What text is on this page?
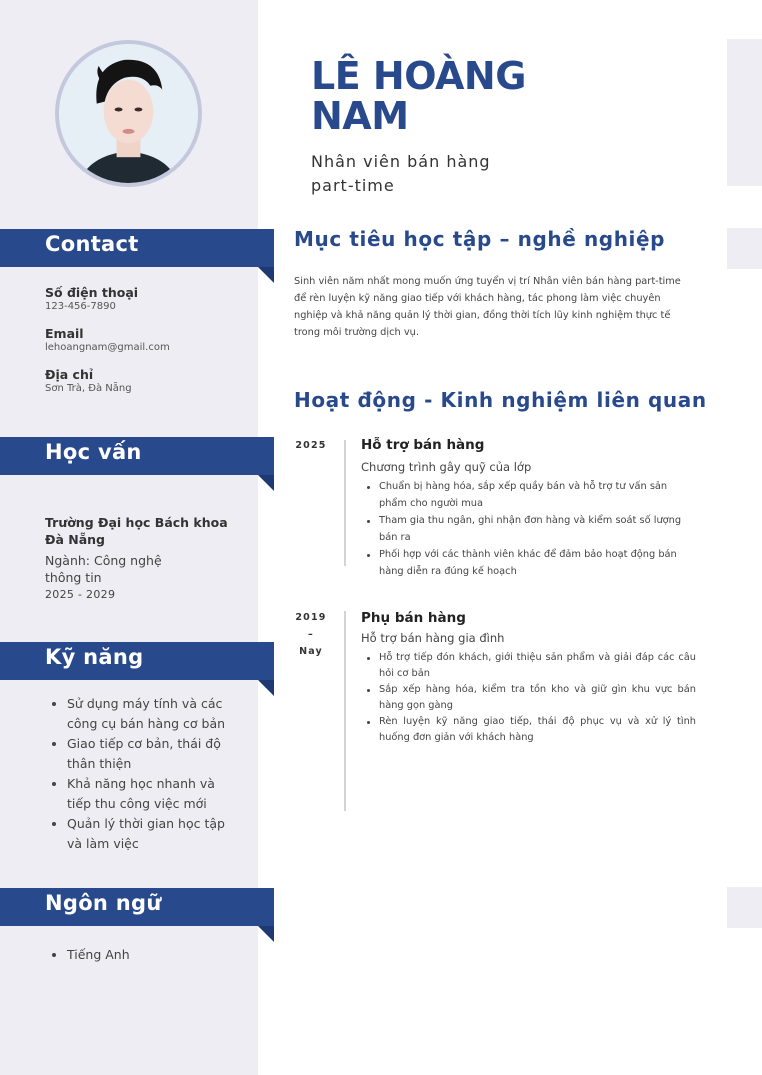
Contact
Số điện thoại
123-456-7890
Email
lehoangnam@gmail.com
Địa chỉ
Sơn Trà, Đà Nẵng
Học vấn
Trường Đại học Bách khoa Đà Nẵng
Ngành: Công nghệ thông tin
2025 - 2029
Kỹ năng
Sử dụng máy tính và các công cụ bán hàng cơ bản
Giao tiếp cơ bản, thái độ thân thiện
Khả năng học nhanh và tiếp thu công việc mới
Quản lý thời gian học tập và làm việc
Ngôn ngữ
Tiếng Anh
LÊ HOÀNG
NAM
Nhân viên bán hàng
part-time
Mục tiêu học tập – nghề nghiệp
Sinh viên năm nhất mong muốn ứng tuyển vị trí Nhân viên bán hàng part-time để rèn luyện kỹ năng giao tiếp với khách hàng, tác phong làm việc chuyên nghiệp và khả năng quản lý thời gian, đồng thời tích lũy kinh nghiệm thực tế trong môi trường dịch vụ.
Hoạt động - Kinh nghiệm liên quan
2025	Hỗ trợ bán hàng
Chương trình gây quỹ của lớp
Chuẩn bị hàng hóa, sắp xếp quầy bán và hỗ trợ tư vấn sản phẩm cho người mua
Tham gia thu ngân, ghi nhận đơn hàng và kiểm soát số lượng bán ra
Phối hợp với các thành viên khác để đảm bảo hoạt động bán hàng diễn ra đúng kế hoạch
2019
–
Nay
Phụ bán hàng
Hỗ trợ bán hàng gia đình
Hỗ trợ tiếp đón khách, giới thiệu sản phẩm và giải đáp các câu hỏi cơ bản
Sắp xếp hàng hóa, kiểm tra tồn kho và giữ gìn khu vực bán hàng gọn gàng
Rèn luyện kỹ năng giao tiếp, thái độ phục vụ và xử lý tình huống đơn giản với khách hàng
